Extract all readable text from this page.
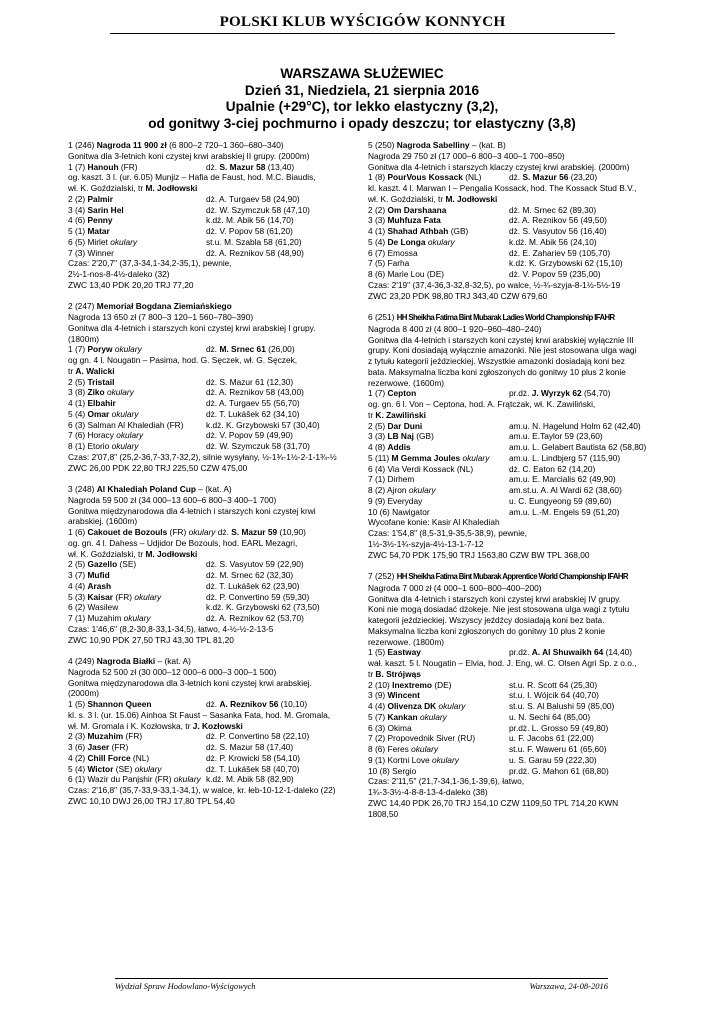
POLSKI KLUB WYŚCIGÓW KONNYCH
WARSZAWA SŁUŻEWIEC
Dzień 31, Niedziela, 21 sierpnia 2016
Upalnie (+29°C), tor lekko elastyczny (3,2),
od gonitwy 3-ciej pochmurno i opady deszczu; tor elastyczny (3,8)
1 (246) Nagroda 11 900 zł (6 800–2 720–1 360–680–340)
Gonitwa dla 3-letnich koni czystej krwi arabskiej II grupy. (2000m)
1 (7) Hanouh (FR)	dż. S. Mazur 58 (13,40)
og. kaszt. 3 l. (ur. 6.05) Munjiz – Hafia de Faust, hod. M.C. Biaudis,
wł. K. Goździalski, tr M. Jodłowski
2 (2) Palmir	dż. A. Turgaev 58 (24,90)
3 (4) Sarin Hel	dż. W. Szymczuk 58 (47,10)
4 (6) Penny	k.dż. M. Abik 56 (14,70)
5 (1) Matar	dż. V. Popov 58 (61,20)
6 (5) Mirlet okulary	st.u. M. Szabla 58 (61,20)
7 (3) Winner	dż. A. Reznikov 58 (48,90)
Czas: 2'20,7" (37,3-34,1-34,2-35,1), pewnie,
2½-1-nos-8-4½-daleko (32)
ZWC 13,40 PDK 20,20 TRJ 77,20
2 (247) Memoriał Bogdana Ziemiańskiego
Nagroda 13 650 zł (7 800–3 120–1 560–780–390)
Gonitwa dla 4-letnich i starszych koni czystej krwi arabskiej I grupy.
(1800m)
1 (7) Poryw okulary	dż. M. Srnec 61 (26,00)
og gn. 4 l. Nougatin – Pasima, hod. G. Sęczek, wł. G. Sęczek,
tr A. Walicki
2 (5) Tristail	dż. S. Mazur 61 (12,30)
3 (8) Ziko okulary	dż. A. Reznikov 58 (43,00)
4 (1) Elbahir	dż. A. Turgaev 55 (56,70)
5 (4) Omar okulary	dż. T. Lukášek 62 (34,10)
6 (3) Salman Al Khalediah (FR)	k.dż. K. Grzybowski 57 (30,40)
7 (6) Horacy okulary	dż. V. Popov 59 (49,90)
8 (1) Etorio okulary	dż. W. Szymczuk 58 (31,70)
Czas: 2'07,8" (25,2-36,7-33,7-32,2), silnie wysyłany, ½-1¾-1½-2-1-1¾-½
ZWC 26,00 PDK 22,80 TRJ 225,50 CZW 475,00
3 (248) Al Khalediah Poland Cup – (kat. A)
Nagroda 59 500 zł (34 000–13 600–6 800–3 400–1 700)
Gonitwa międzynarodowa dla 4-letnich i starszych koni czystej krwi
arabskiej. (1600m)
1 (6) Cakouet de Bozouls (FR) okulary dż. S. Mazur 59 (10,90)
og. gn. 4 l. Dahess – Udjidor De Bozouls, hod. EARL Mezagri,
wł. K. Goździalski, tr M. Jodłowski
2 (5) Gazello (SE)	dż. S. Vasyutov 59 (22,90)
3 (7) Mufid	dż. M. Srnec 62 (32,30)
4 (4) Arash	dż. T. Lukášek 62 (23,90)
5 (3) Kaisar (FR) okulary	dż. P. Convertino 59 (59,30)
6 (2) Wasilew	k.dż. K. Grzybowski 62 (73,50)
7 (1) Muzahim okulary	dż. A. Reznikov 62 (53,70)
Czas: 1'46,6" (8,2-30,8-33,1-34,5), łatwo, 4-½-½-2-13-5
ZWC 10,90 PDK 27,50 TRJ 43,30 TPL 81,20
4 (249) Nagroda Białki – (kat. A)
Nagroda 52 500 zł (30 000–12 000–6 000–3 000–1 500)
Gonitwa międzynarodowa dla 3-letnich koni czystej krwi arabskiej.
(2000m)
1 (5) Shannon Queen	dż. A. Reznikov 56 (10,10)
kl. s. 3 l. (ur. 15.06) Ainhoa St Faust – Sasanka Fata, hod. M. Gromala,
wł. M. Gromala i K. Kozłowska, tr J. Kozłowski
2 (3) Muzahim (FR)	dż. P. Convertino 58 (22,10)
3 (6) Jaser (FR)	dż. S. Mazur 58 (17,40)
4 (2) Chill Force (NL)	dż. P. Krowicki 58 (54,10)
5 (4) Wictor (SE) okulary	dż. T. Lukášek 58 (40,70)
6 (1) Wazir du Panjshir (FR) okulary k.dż. M. Abik 58 (82,90)
Czas: 2'16,8" (35,7-33,9-33,1-34,1), w walce, kr. łeb-10-12-1-daleko (22)
ZWC 10,10 DWJ 26,00 TRJ 17,80 TPL 54,40
5 (250) Nagroda Sabelliny – (kat. B)
Nagroda 29 750 zł (17 000–6 800–3 400–1 700–850)
Gonitwa dla 4-letnich i starszych klaczy czystej krwi arabskiej. (2000m)
1 (8) PourVous Kossack (NL)	dż. S. Mazur 56 (23,20)
kl. kaszt. 4 l. Marwan I – Pengalia Kossack, hod. The Kossack Stud B.V.,
wł. K. Goździalski, tr M. Jodłowski
2 (2) Om Darshaana	dż. M. Srnec 62 (89,30)
3 (3) Muhfuza Fata	dż. A. Reznikov 56 (49,50)
4 (1) Shahad Athbah (GB)	dż. S. Vasyutov 56 (16,40)
5 (4) De Longa okulary	k.dż. M. Abik 56 (24,10)
6 (7) Emossa	dż. E. Zahariev 59 (105,70)
7 (5) Farha	k.dż. K. Grzybowski 62 (15,10)
8 (6) Marie Lou (DE)	dż. V. Popov 59 (235,00)
Czas: 2'19" (37,4-36,3-32,8-32,5), po walce, ½-¾-szyja-8-1½-5½-19
ZWC 23,20 PDK 98,80 TRJ 343,40 CZW 679,60
6 (251) HH Sheikha Fatima Bint Mubarak Ladies World Championship IFAHR
Nagroda 8 400 zł (4 800–1 920–960–480–240)
Gonitwa dla 4-letnich i starszych koni czystej krwi arabskiej wyłącznie III
grupy. Koni dosiadają wyłącznie amazonki. Nie jest stosowana ulga wagi
z tytułu kategorii jeździeckiej. Wszystkie amazonki dosiadają koni bez
bata. Maksymalna liczba koni zgłoszonych do gonitwy 10 plus 2 konie
rezerwowe. (1600m)
1 (7) Cepton	pr.dż. J. Wyrzyk 62 (54,70)
og. gn. 6 l. Von – Ceptona, hod. A. Frątczak, wł. K. Zawiliński,
tr K. Zawiliński
2 (5) Dar Duni	am.u. N. Hagelund Holm 62 (42,40)
3 (3) LB Naj (GB)	am.u. E.Taylor 59 (23,60)
4 (8) Addis	am.u. L. Gelabert Bautista 62 (58,80)
5 (11) M Gemma Joules okulary am.u. L. Lindbjerg 57 (115,90)
6 (4) Via Verdi Kossack (NL)	dż. C. Eaton 62 (14,20)
7 (1) Dirhem	am.u. E. Marcialis 62 (49,90)
8 (2) Ajron okulary	am.st.u. A. Al Wardi 62 (38,60)
9 (9) Everyday	u. C. Eungyeong 59 (89,60)
10 (6) Nawigator	am.u. L.-M. Engels 59 (51,20)
Wycofane konie: Kasir Al Khalediah
Czas: 1'54,8" (8,5-31,9-35,5-38,9), pewnie,
1½-3½-1¾-szyja-4½-13-1-7-12
ZWC 54,70 PDK 175,90 TRJ 1563,80 CZW BW TPL 368,00
7 (252) HH Sheikha Fatima Bint Mubarak Apprentice World Championship IFAHR
Nagroda 7 000 zł (4 000–1 600–800–400–200)
Gonitwa dla 4-letnich i starszych koni czystej krwi arabskiej IV grupy.
Koni nie mogą dosiadać dżokeje. Nie jest stosowana ulga wagi z tytułu
kategorii jeździeckiej. Wszyscy jeźdźcy dosiadają koni bez bata.
Maksymalna liczba koni zgłoszonych do gonitwy 10 plus 2 konie
rezerwowe. (1800m)
1 (5) Eastway	pr.dż. A. Al Shuwaikh 64 (14,40)
wał. kaszt. 5 l. Nougatin – Elvia, hod. J. Eng, wł. C. Olsen Agri Sp. z o.o.,
tr B. Strójwąs
2 (10) Inextremo (DE)	st.u. R. Scott 64 (25,30)
3 (9) Wincent	st.u. I. Wójcik 64 (40,70)
4 (4) Olivenza DK okulary	st.u. S. Al Balushi 59 (85,00)
5 (7) Kankan okulary	u. N. Sechi 64 (85,00)
6 (3) Okima	pr.dż. L. Grosso 59 (49,80)
7 (2) Propovednik Siver (RU)	u. F. Jacobs 61 (22,00)
8 (6) Feres okulary	st.u. F. Waweru 61 (65,60)
9 (1) Kortni Love okulary	u. S. Garau 59 (222,30)
10 (8) Sergio	pr.dż. G. Mahon 61 (68,80)
Czas: 2'11,5" (21,7-34,1-36,1-39,6), łatwo,
1¾-3-3½-4-8-8-13-4-daleko (38)
ZWC 14,40 PDK 26,70 TRJ 154,10 CZW 1109,50 TPL 714,20 KWN
1808,50
Wydział Spraw Hodowlano-Wyścigowych	Warszawa, 24-08-2016
